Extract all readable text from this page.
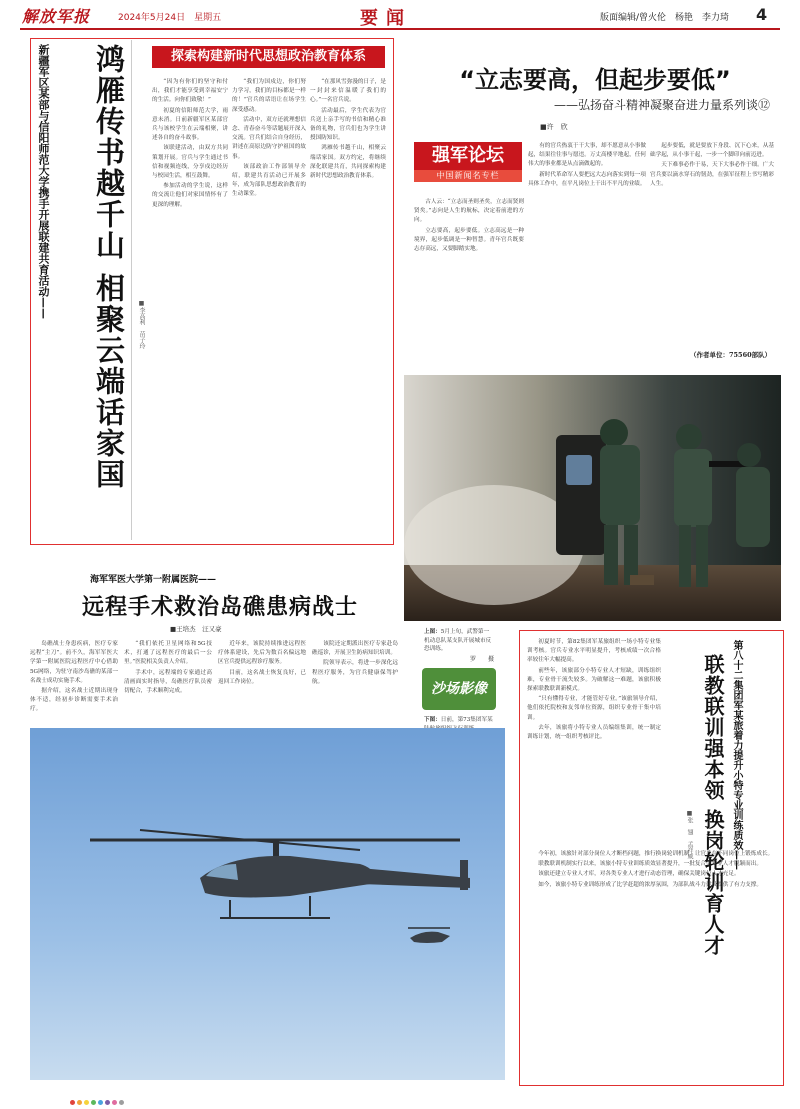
解放军报	2024年5月24日　星期五	要闻	版面编辑/曾火伦　杨艳　李力琦 4
新疆军区某部与信阳师范大学携手开展联建共育活动——	鸿雁传书越千山 相聚云端话家国	■李高利　苗子玲
探索构建新时代思想政治教育体系

“因为有你们的坚守和付出，我们才能享受到幸福安宁的生活。向你们致敬！”

初夏的信阳师范大学，雨意未消。日前新疆军区某部官兵与该校学生在云端相聚，讲述各自的奋斗故事。

该联建活动，由双方共同策划开展。官兵与学生通过书信和视频连线，分享戍边经历与校园生活，相互鼓舞。

参加活动的学生说，这样的交流让他们对家国情怀有了更深的理解。

“我们为国戍边，你们努力学习，我们的目标都是一样的！”官兵的话语让在场学生深受感动。

活动中，双方还就理想信念、青春奋斗等话题展开深入交流。官兵们结合自身经历，讲述在高原边防守护祖国的故事。

该部政治工作部领导介绍，联建共育活动已开展多年，成为部队思想政治教育的生动课堂。

“在那风雪弥漫的日子，是一封封来信温暖了我们的心。”一名官兵说。

活动最后，学生代表为官兵送上亲手写的书信和精心准备的礼物，官兵们也为学生讲授国防知识。

鸿雁传书越千山，相聚云端话家国。双方约定，将继续深化联建共育，共同探索构建新时代思想政治教育体系。

“立志要高，但起步要低”
——弘扬奋斗精神凝聚奋进力量系列谈⑫
■许　欣
强军论坛
中国新闻名专栏

古人云：“立志而圣则圣矣，立志而贤则贤矣。”志向是人生的航标，决定着前进的方向。

立志要高，起步要低。立志高远是一种境界，起步低调是一种智慧。青年官兵既要志存高远，又要脚踏实地。

有的官兵热衷于干大事，却不愿意从小事做起，结果往往事与愿违。万丈高楼平地起，任何伟大的事业都是从点滴做起的。

新时代革命军人要把远大志向落实到每一项具体工作中，在平凡岗位上干出不平凡的业绩。

起步要低，就是要放下身段、沉下心来，从基础学起，从小事干起，一步一个脚印向前迈进。

天下难事必作于易，天下大事必作于细。广大官兵要以滴水穿石的韧劲，在强军征程上书写精彩人生。

（作者单位：75560部队）
上图：5月上旬，武警第一机动总队某支队开展城市反恐训练。
罗　　摄
沙场影像
下图：日前，第73集团军某
海军军医大学第一附属医院——
远程手术救治岛礁患病战士
■王培杰　汪又豪

岛礁战士身患疾病，医疗专家远程“主刀”。前不久，海军军医大学第一附属医院远程医疗中心借助5G网络，为驻守南沙岛礁的某部一名战士成功实施手术。

据介绍，这名战士近期出现身体不适，经初步诊断需要手术治疗。

“我们依托卫星网络和5G技术，打通了远程医疗的最后一公里。”医院相关负责人介绍。

手术中，远程端的专家通过高清画面实时指导，岛礁医疗队员密切配合，手术顺利完成。

近年来，该院持续推进远程医疗体系建设，先后为数百名偏远地区官兵提供远程诊疗服务。

目前，这名战士恢复良好，已返回工作岗位。

该院还定期派出医疗专家赴岛礁巡诊，开展卫生防病知识培训。

院领导表示，将进一步深化远程医疗服务，为官兵健康保驾护航。	第八十二集团军某旅着力提升小特专业训练质效——
联教联训强本领 换岗轮训育人才
■张　翅　孟祥威

初夏时节，第82集团军某旅组织一场小特专业集训考核。官兵专业水平明显提升，考核成绩一次合格率较往年大幅提高。

前些年，该旅部分小特专业人才短缺，训练组织难，专业骨干流失较多。为破解这一难题，该旅积极探索联教联训新模式。

“只有懂得专业，才能管好专业。”该旅领导介绍，他们依托院校和友邻单位资源，组织专业骨干集中培训。

去年，该旅将小特专业人员编组集训，统一制定训练计划，统一组织考核评比。

今年初，该旅针对部分岗位人才断档问题，推行换岗轮训机制，让官兵在不同岗位上锻炼成长。

联教联训机制实行以来，该旅小特专业训练质效显著提升，一批复合型专业人才脱颖而出。

该旅还建立专业人才库，对各类专业人才进行动态管理，确保关键岗位人才充足。

如今，该旅小特专业训练形成了比学赶超的浓厚氛围，为部队战斗力建设提供了有力支撑。
